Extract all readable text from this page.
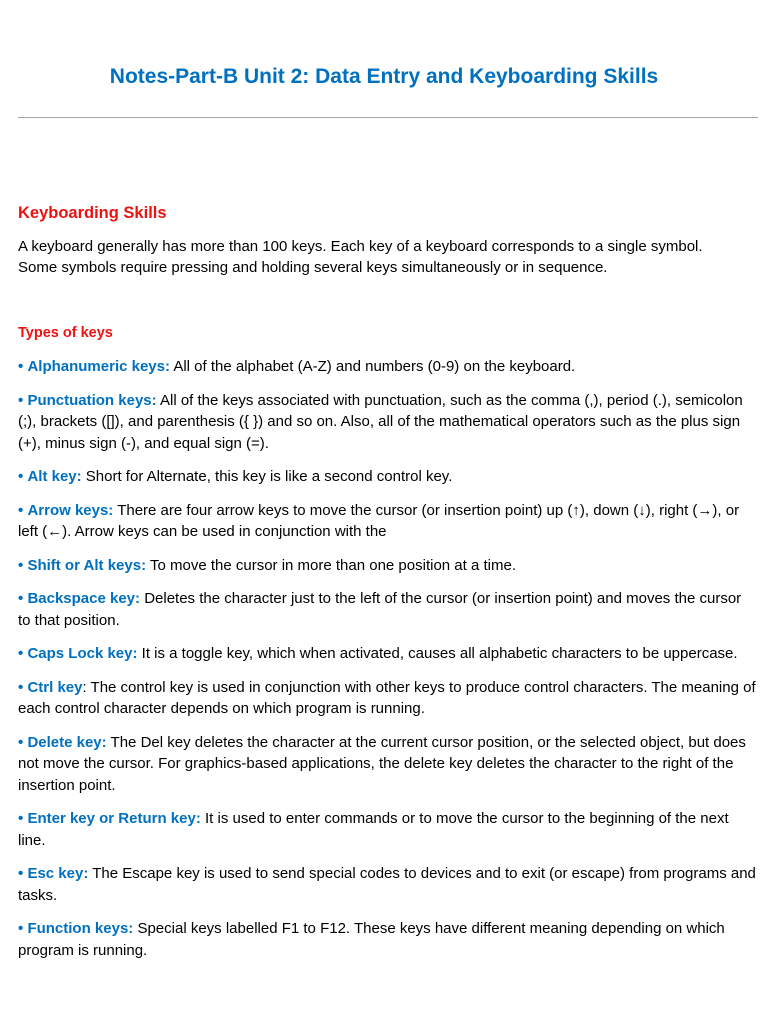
Notes-Part-B Unit 2: Data Entry and Keyboarding Skills
Keyboarding Skills

A keyboard generally has more than 100 keys. Each key of a keyboard corresponds to a single symbol. Some symbols require pressing and holding several keys simultaneously or in sequence.

Types of keys
• Alphanumeric keys: All of the alphabet (A-Z) and numbers (0-9) on the keyboard.
• Punctuation keys: All of the keys associated with punctuation, such as the comma (,), period (.), semicolon (;), brackets ([]), and parenthesis ({ }) and so on. Also, all of the mathematical operators such as the plus sign (+), minus sign (-), and equal sign (=).
• Alt key: Short for Alternate, this key is like a second control key.
• Arrow keys: There are four arrow keys to move the cursor (or insertion point) up (↑), down (↓), right (→), or left (←). Arrow keys can be used in conjunction with the
• Shift or Alt keys: To move the cursor in more than one position at a time.
• Backspace key: Deletes the character just to the left of the cursor (or insertion point) and moves the cursor to that position.
• Caps Lock key: It is a toggle key, which when activated, causes all alphabetic characters to be uppercase.
• Ctrl key: The control key is used in conjunction with other keys to produce control characters. The meaning of each control character depends on which program is running.
• Delete key: The Del key deletes the character at the current cursor position, or the selected object, but does not move the cursor. For graphics-based applications, the delete key deletes the character to the right of the insertion point.
• Enter key or Return key: It is used to enter commands or to move the cursor to the beginning of the next line.
• Esc key: The Escape key is used to send special codes to devices and to exit (or escape) from programs and tasks.
• Function keys: Special keys labelled F1 to F12. These keys have different meaning depending on which program is running.
